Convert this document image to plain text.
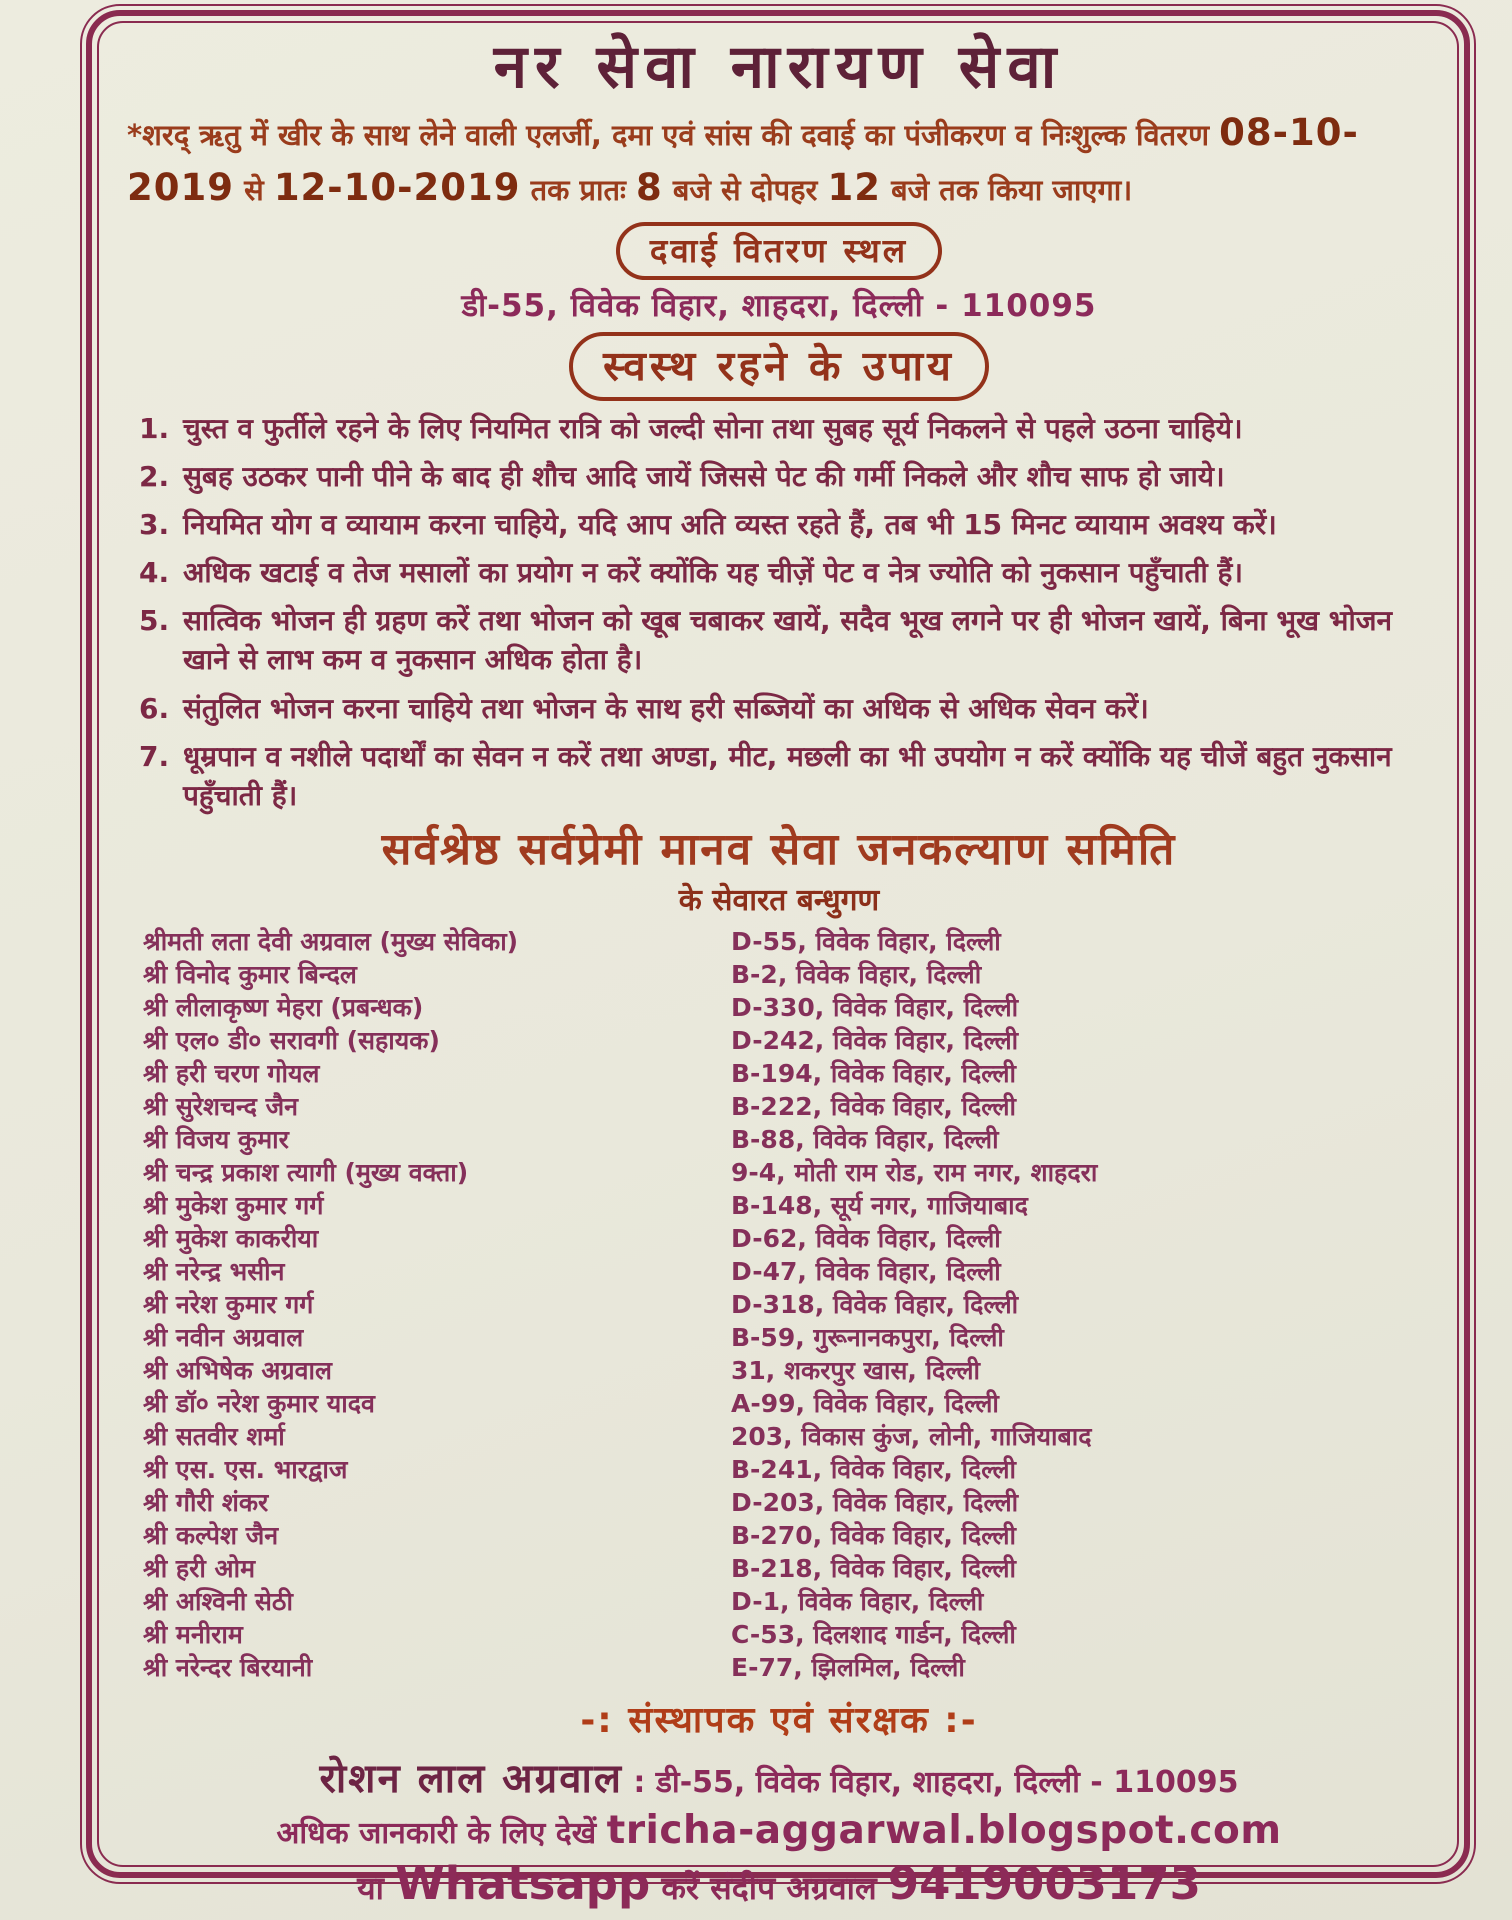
नर सेवा नारायण सेवा

*शरद् ऋतु में खीर के साथ लेने वाली एलर्जी, दमा एवं सांस की दवाई का पंजीकरण व निःशुल्क वितरण 08-10-2019 से 12-10-2019 तक प्रातः 8 बजे से दोपहर 12 बजे तक किया जाएगा।

दवाई वितरण स्थल

डी-55, विवेक विहार, शाहदरा, दिल्ली - 110095

स्वस्थ रहने के उपाय
1. चुस्त व फुर्तीले रहने के लिए नियमित रात्रि को जल्दी सोना तथा सुबह सूर्य निकलने से पहले उठना चाहिये।
2. सुबह उठकर पानी पीने के बाद ही शौच आदि जायें जिससे पेट की गर्मी निकले और शौच साफ हो जाये।
3. नियमित योग व व्यायाम करना चाहिये, यदि आप अति व्यस्त रहते हैं, तब भी 15 मिनट व्यायाम अवश्य करें।
4. अधिक खटाई व तेज मसालों का प्रयोग न करें क्योंकि यह चीज़ें पेट व नेत्र ज्योति को नुकसान पहुँचाती हैं।
5. सात्विक भोजन ही ग्रहण करें तथा भोजन को खूब चबाकर खायें, सदैव भूख लगने पर ही भोजन खायें, बिना भूख भोजन खाने से लाभ कम व नुकसान अधिक होता है।
6. संतुलित भोजन करना चाहिये तथा भोजन के साथ हरी सब्जियों का अधिक से अधिक सेवन करें।
7. धूम्रपान व नशीले पदार्थों का सेवन न करें तथा अण्डा, मीट, मछली का भी उपयोग न करें क्योंकि यह चीजें बहुत नुकसान पहुँचाती हैं।
सर्वश्रेष्ठ सर्वप्रेमी मानव सेवा जनकल्याण समिति
के सेवारत बन्धुगण
श्रीमती लता देवी अग्रवाल (मुख्य सेविका)	D-55, विवेक विहार, दिल्ली
श्री विनोद कुमार बिन्दल	B-2, विवेक विहार, दिल्ली
श्री लीलाकृष्ण मेहरा (प्रबन्धक)	D-330, विवेक विहार, दिल्ली
श्री एल० डी० सरावगी (सहायक)	D-242, विवेक विहार, दिल्ली
श्री हरी चरण गोयल	B-194, विवेक विहार, दिल्ली
श्री सुरेशचन्द जैन	B-222, विवेक विहार, दिल्ली
श्री विजय कुमार	B-88, विवेक विहार, दिल्ली
श्री चन्द्र प्रकाश त्यागी (मुख्य वक्ता)	9-4, मोती राम रोड, राम नगर, शाहदरा
श्री मुकेश कुमार गर्ग	B-148, सूर्य नगर, गाजियाबाद
श्री मुकेश काकरीया	D-62, विवेक विहार, दिल्ली
श्री नरेन्द्र भसीन	D-47, विवेक विहार, दिल्ली
श्री नरेश कुमार गर्ग	D-318, विवेक विहार, दिल्ली
श्री नवीन अग्रवाल	B-59, गुरूनानकपुरा, दिल्ली
श्री अभिषेक अग्रवाल	31, शकरपुर खास, दिल्ली
श्री डॉ० नरेश कुमार यादव	A-99, विवेक विहार, दिल्ली
श्री सतवीर शर्मा	203, विकास कुंज, लोनी, गाजियाबाद
श्री एस. एस. भारद्वाज	B-241, विवेक विहार, दिल्ली
श्री गौरी शंकर	D-203, विवेक विहार, दिल्ली
श्री कल्पेश जैन	B-270, विवेक विहार, दिल्ली
श्री हरी ओम	B-218, विवेक विहार, दिल्ली
श्री अश्विनी सेठी	D-1, विवेक विहार, दिल्ली
श्री मनीराम	C-53, दिलशाद गार्डन, दिल्ली
श्री नरेन्दर बिरयानी	E-77, झिलमिल, दिल्ली
-: संस्थापक एवं संरक्षक :-

रोशन लाल अग्रवाल : डी-55, विवेक विहार, शाहदरा, दिल्ली - 110095

अधिक जानकारी के लिए देखें tricha-aggarwal.blogspot.com

या Whatsapp करें संदीप अग्रवाल 9419003173
